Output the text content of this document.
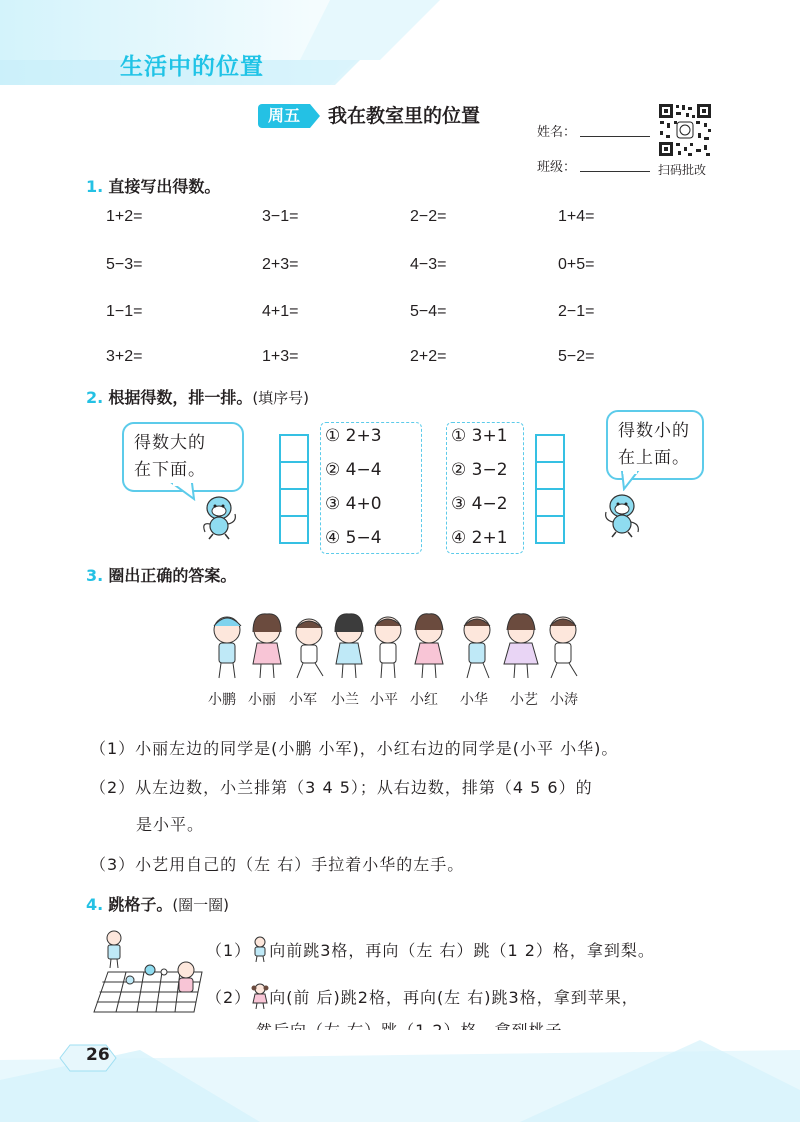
生活中的位置
周五	我在教室里的位置
姓名：
班级：	扫码批改
1. 直接写出得数。
1+2=	3−1=	2−2=	1+4=
5−3=	2+3=	4−3=	0+5=
1−1=	4+1=	5−4=	2−1=
3+2=	1+3=	2+2=	5−2=
2. 根据得数，排一排。(填序号)
得数大的
在下面。
① 2+3
② 4−4
③ 4+0
④ 5−4
① 3+1
② 3−2
③ 4−2
④ 2+1
得数小的
在上面。
3. 圈出正确的答案。
小鹏 小丽 小军 小兰 小平 小红 小华 小艺 小涛
（1）小丽左边的同学是(小鹏 小军)，小红右边的同学是(小平 小华)。
（2）从左边数，小兰排第（3 4 5）；从右边数，排第（4 5 6）的
是小平。
（3）小艺用自己的（左 右）手拉着小华的左手。
4. 跳格子。(圈一圈)
（1） 向前跳3格，再向（左 右）跳（1 2）格，拿到梨。
（2） 向(前 后)跳2格，再向(左 右)跳3格，拿到苹果，
26
